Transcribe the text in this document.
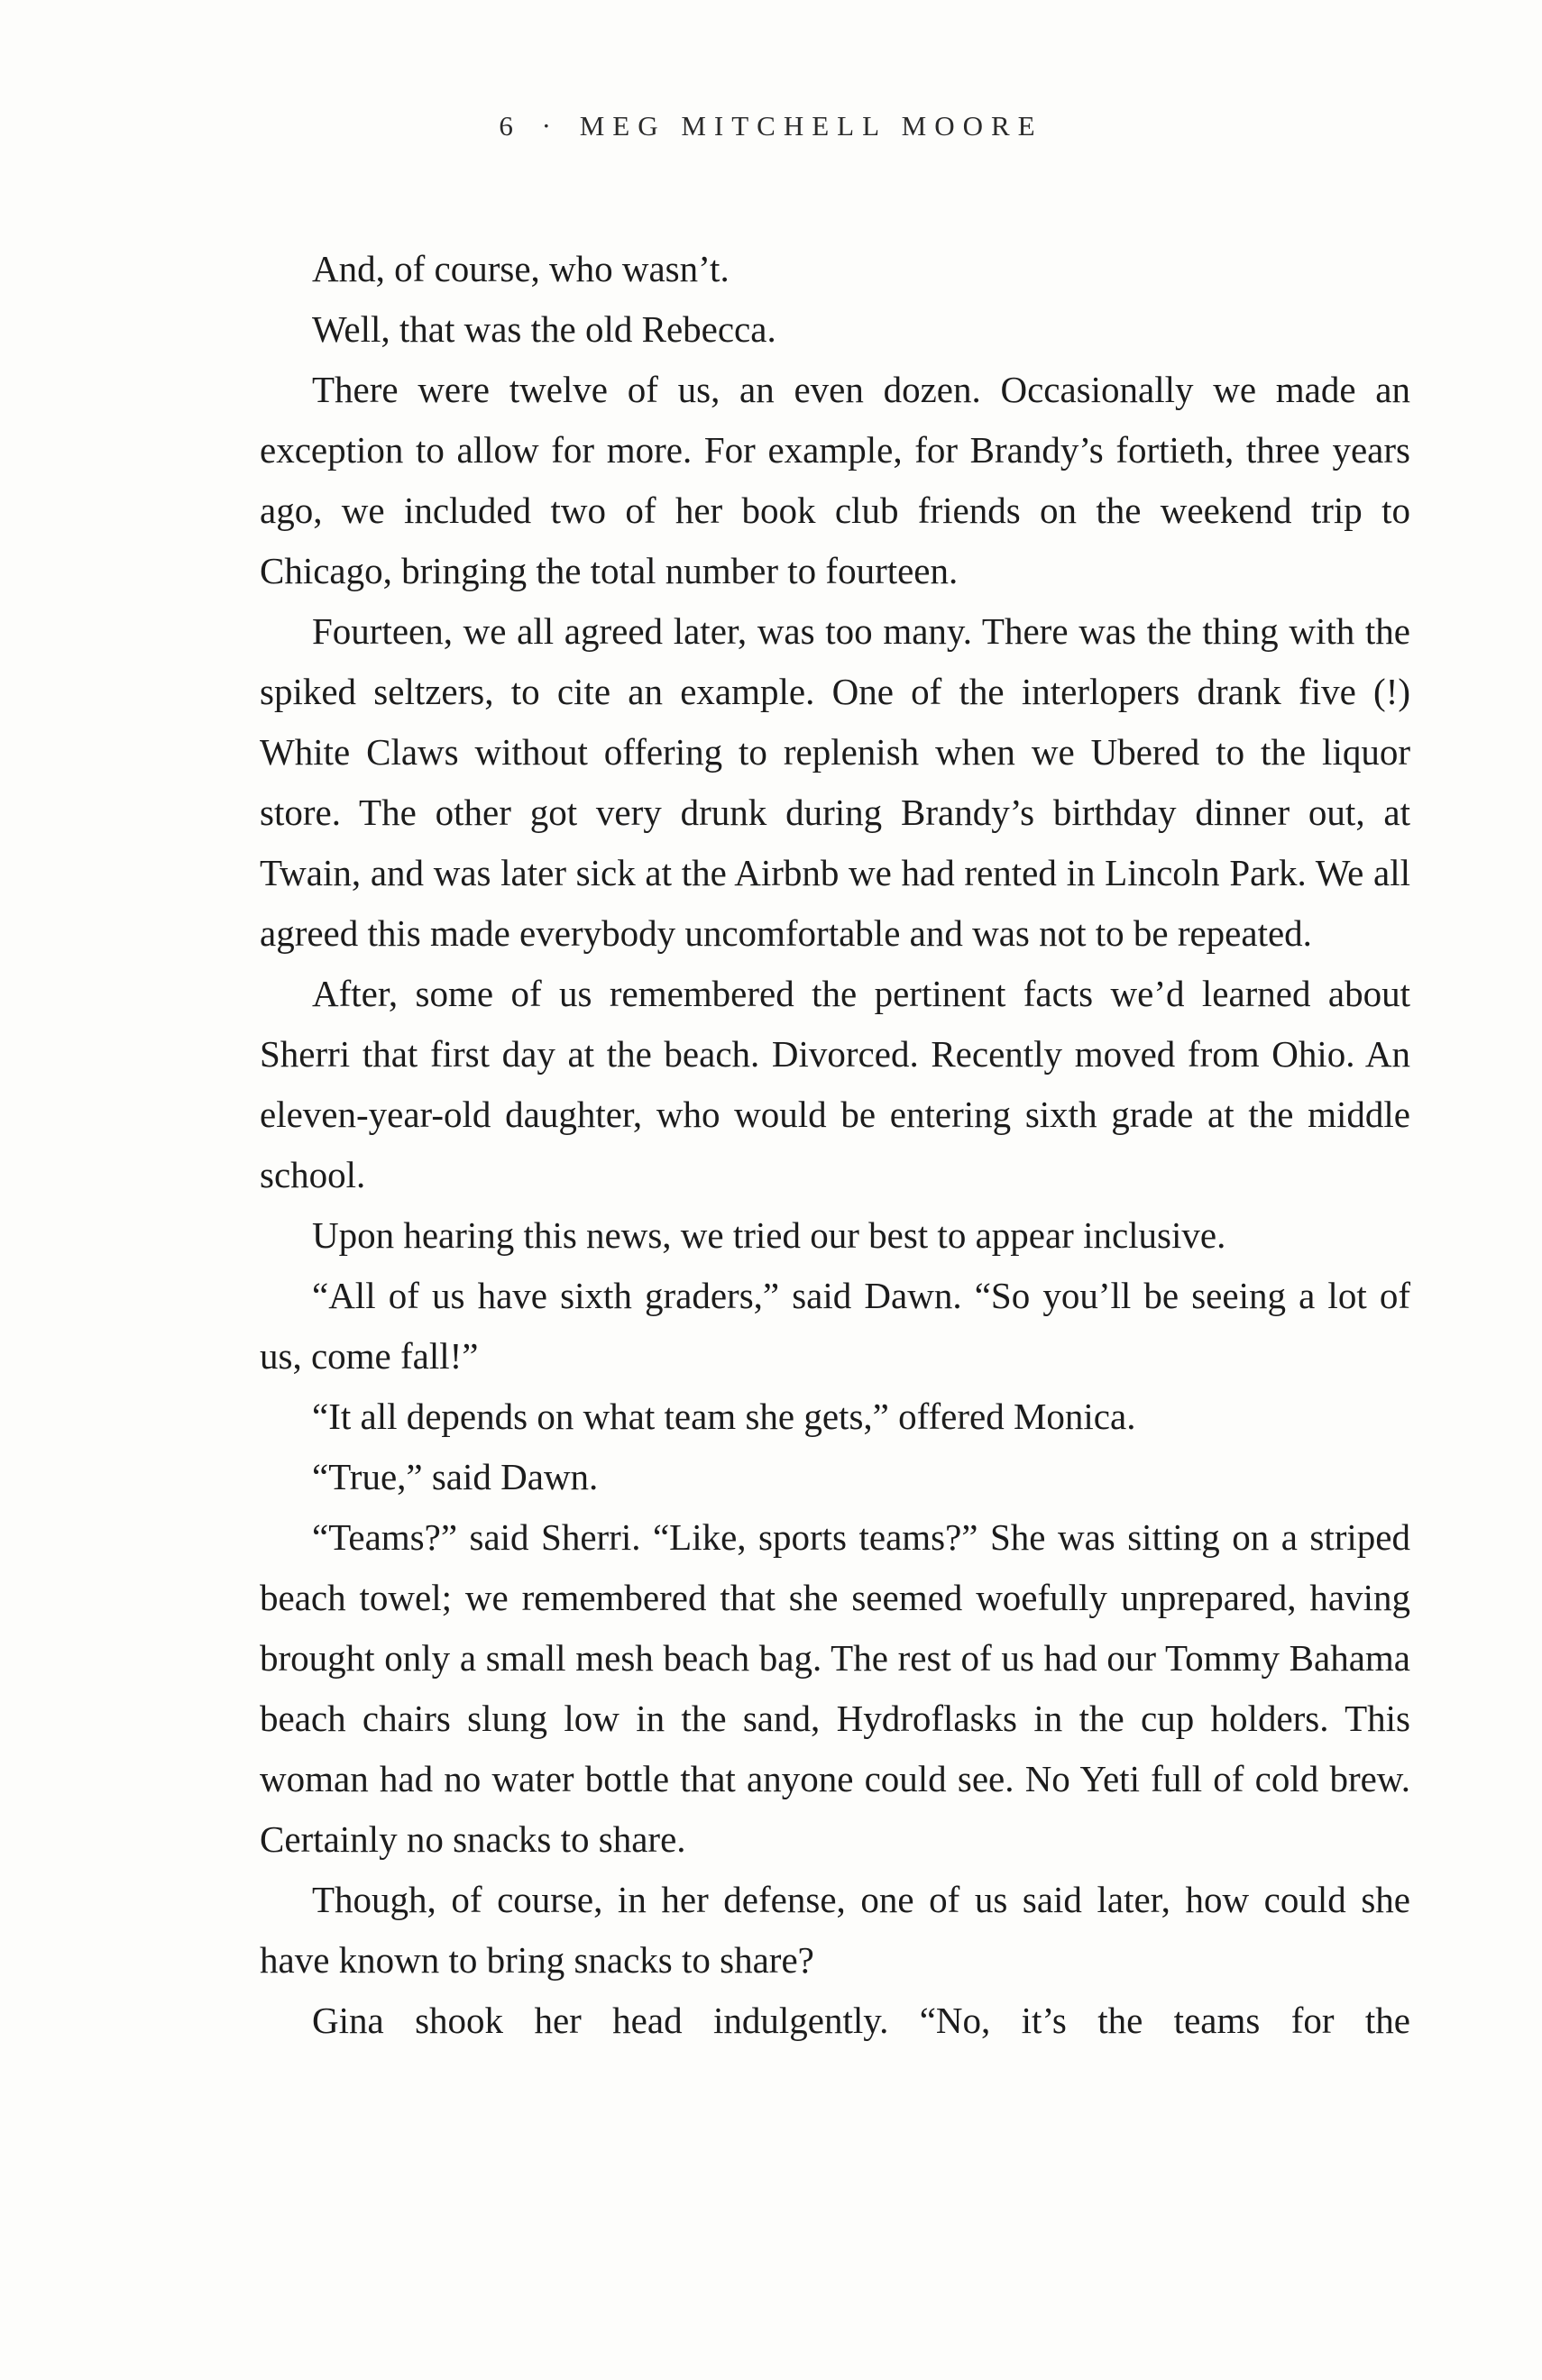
6 · MEG MITCHELL MOORE

And, of course, who wasn’t.

Well, that was the old Rebecca.

There were twelve of us, an even dozen. Occasionally we made an exception to allow for more. For example, for Brandy’s fortieth, three years ago, we included two of her book club friends on the weekend trip to Chicago, bringing the total number to fourteen.

Fourteen, we all agreed later, was too many. There was the thing with the spiked seltzers, to cite an example. One of the interlopers drank five (!) White Claws without offering to replenish when we Ubered to the liquor store. The other got very drunk during Brandy’s birthday dinner out, at Twain, and was later sick at the Airbnb we had rented in Lincoln Park. We all agreed this made everybody uncomfortable and was not to be repeated.

After, some of us remembered the pertinent facts we’d learned about Sherri that first day at the beach. Divorced. Recently moved from Ohio. An eleven-year-old daughter, who would be entering sixth grade at the middle school.

Upon hearing this news, we tried our best to appear inclusive.

“All of us have sixth graders,” said Dawn. “So you’ll be seeing a lot of us, come fall!”

“It all depends on what team she gets,” offered Monica.

“True,” said Dawn.

“Teams?” said Sherri. “Like, sports teams?” She was sitting on a striped beach towel; we remembered that she seemed woefully unprepared, having brought only a small mesh beach bag. The rest of us had our Tommy Bahama beach chairs slung low in the sand, Hydroflasks in the cup holders. This woman had no water bottle that anyone could see. No Yeti full of cold brew. Certainly no snacks to share.

Though, of course, in her defense, one of us said later, how could she have known to bring snacks to share?

Gina shook her head indulgently. “No, it’s the teams for the
